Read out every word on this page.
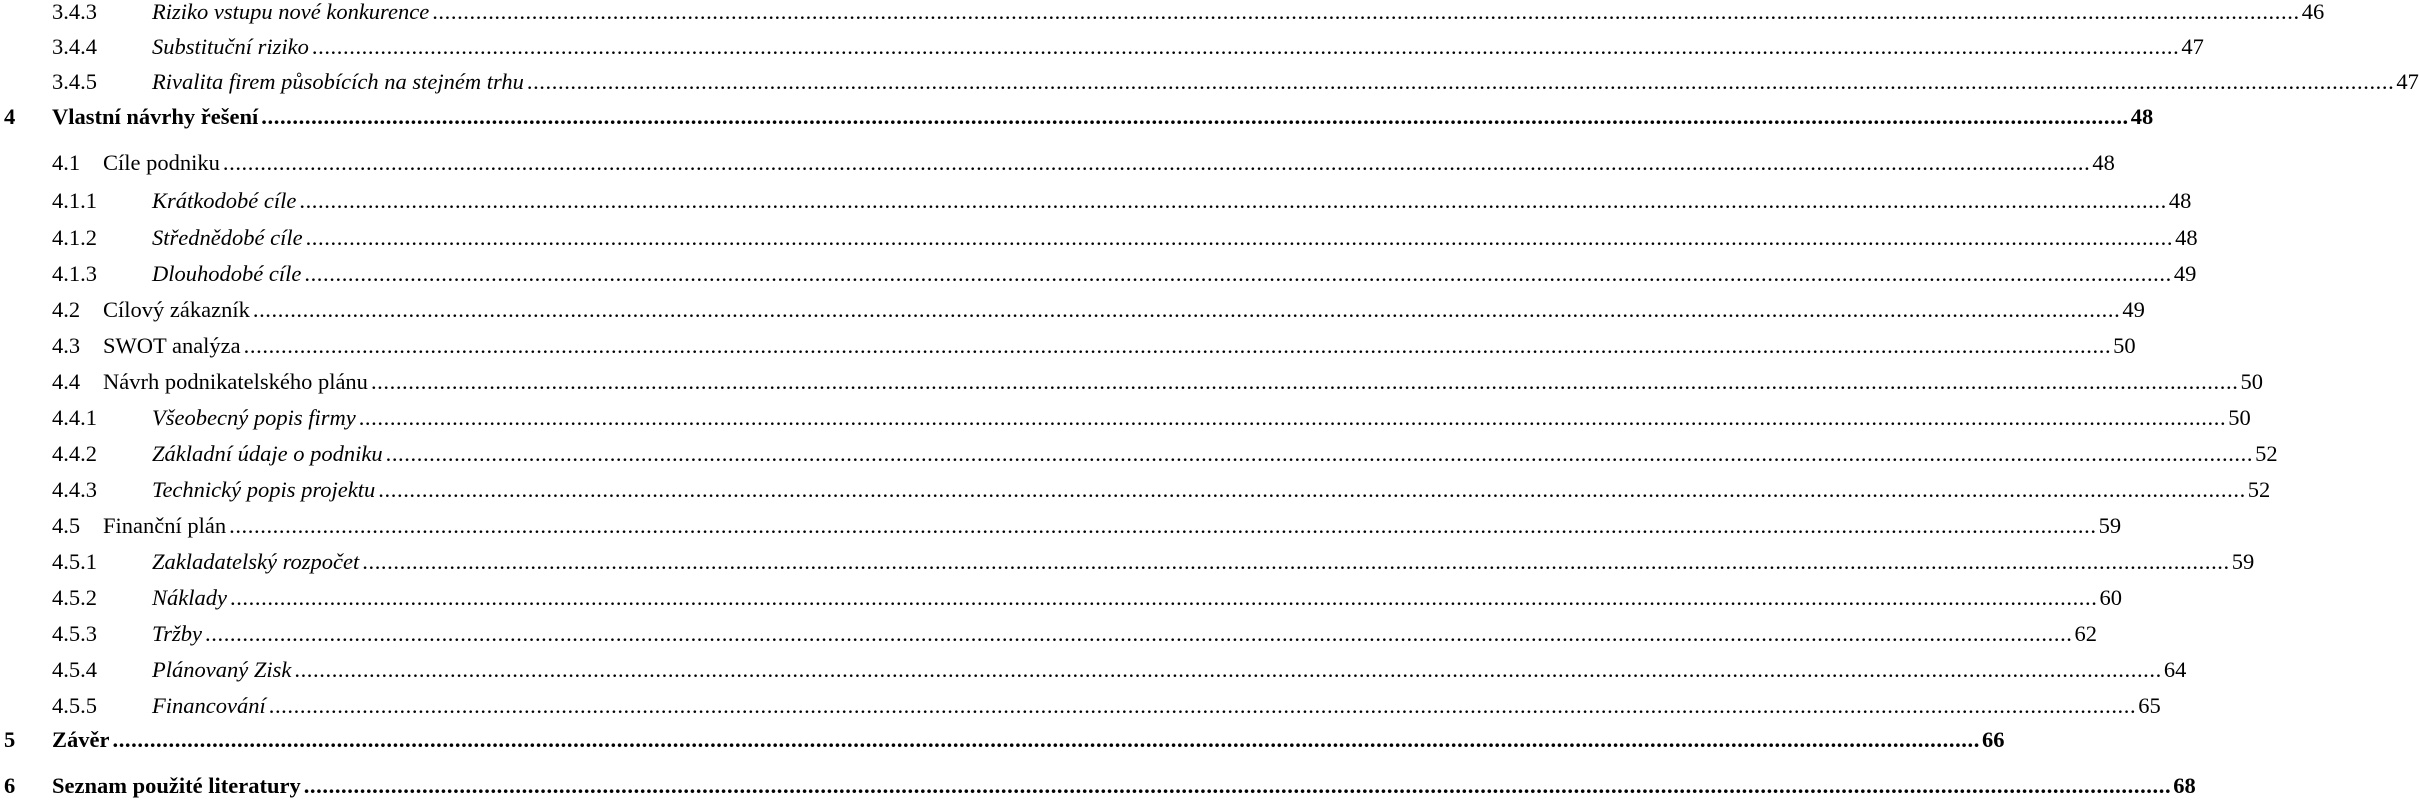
3.4.3 Riziko vstupu nové konkurence ............................................................................................................................................................................................................................................................................................................ 46
3.4.4 Substituční riziko ............................................................................................................................................................................................................................................................................................................ 47
3.4.5 Rivalita firem působících na stejném trhu ............................................................................................................................................................................................................................................................................................................ 47
4 Vlastní návrhy řešení ............................................................................................................................................................................................................................................................................................................ 48
4.1 Cíle podniku ............................................................................................................................................................................................................................................................................................................ 48
4.1.1 Krátkodobé cíle ............................................................................................................................................................................................................................................................................................................ 48
4.1.2 Střednědobé cíle ............................................................................................................................................................................................................................................................................................................ 48
4.1.3 Dlouhodobé cíle ............................................................................................................................................................................................................................................................................................................ 49
4.2 Cílový zákazník ............................................................................................................................................................................................................................................................................................................ 49
4.3 SWOT analýza ............................................................................................................................................................................................................................................................................................................ 50
4.4 Návrh podnikatelského plánu ............................................................................................................................................................................................................................................................................................................ 50
4.4.1 Všeobecný popis firmy ............................................................................................................................................................................................................................................................................................................ 50
4.4.2 Základní údaje o podniku ............................................................................................................................................................................................................................................................................................................ 52
4.4.3 Technický popis projektu ............................................................................................................................................................................................................................................................................................................ 52
4.5 Finanční plán ............................................................................................................................................................................................................................................................................................................ 59
4.5.1 Zakladatelský rozpočet ............................................................................................................................................................................................................................................................................................................ 59
4.5.2 Náklady ............................................................................................................................................................................................................................................................................................................ 60
4.5.3 Tržby ............................................................................................................................................................................................................................................................................................................ 62
4.5.4 Plánovaný Zisk ............................................................................................................................................................................................................................................................................................................ 64
4.5.5 Financování ............................................................................................................................................................................................................................................................................................................ 65
5 Závěr ............................................................................................................................................................................................................................................................................................................ 66
6 Seznam použité literatury ............................................................................................................................................................................................................................................................................................................ 68
